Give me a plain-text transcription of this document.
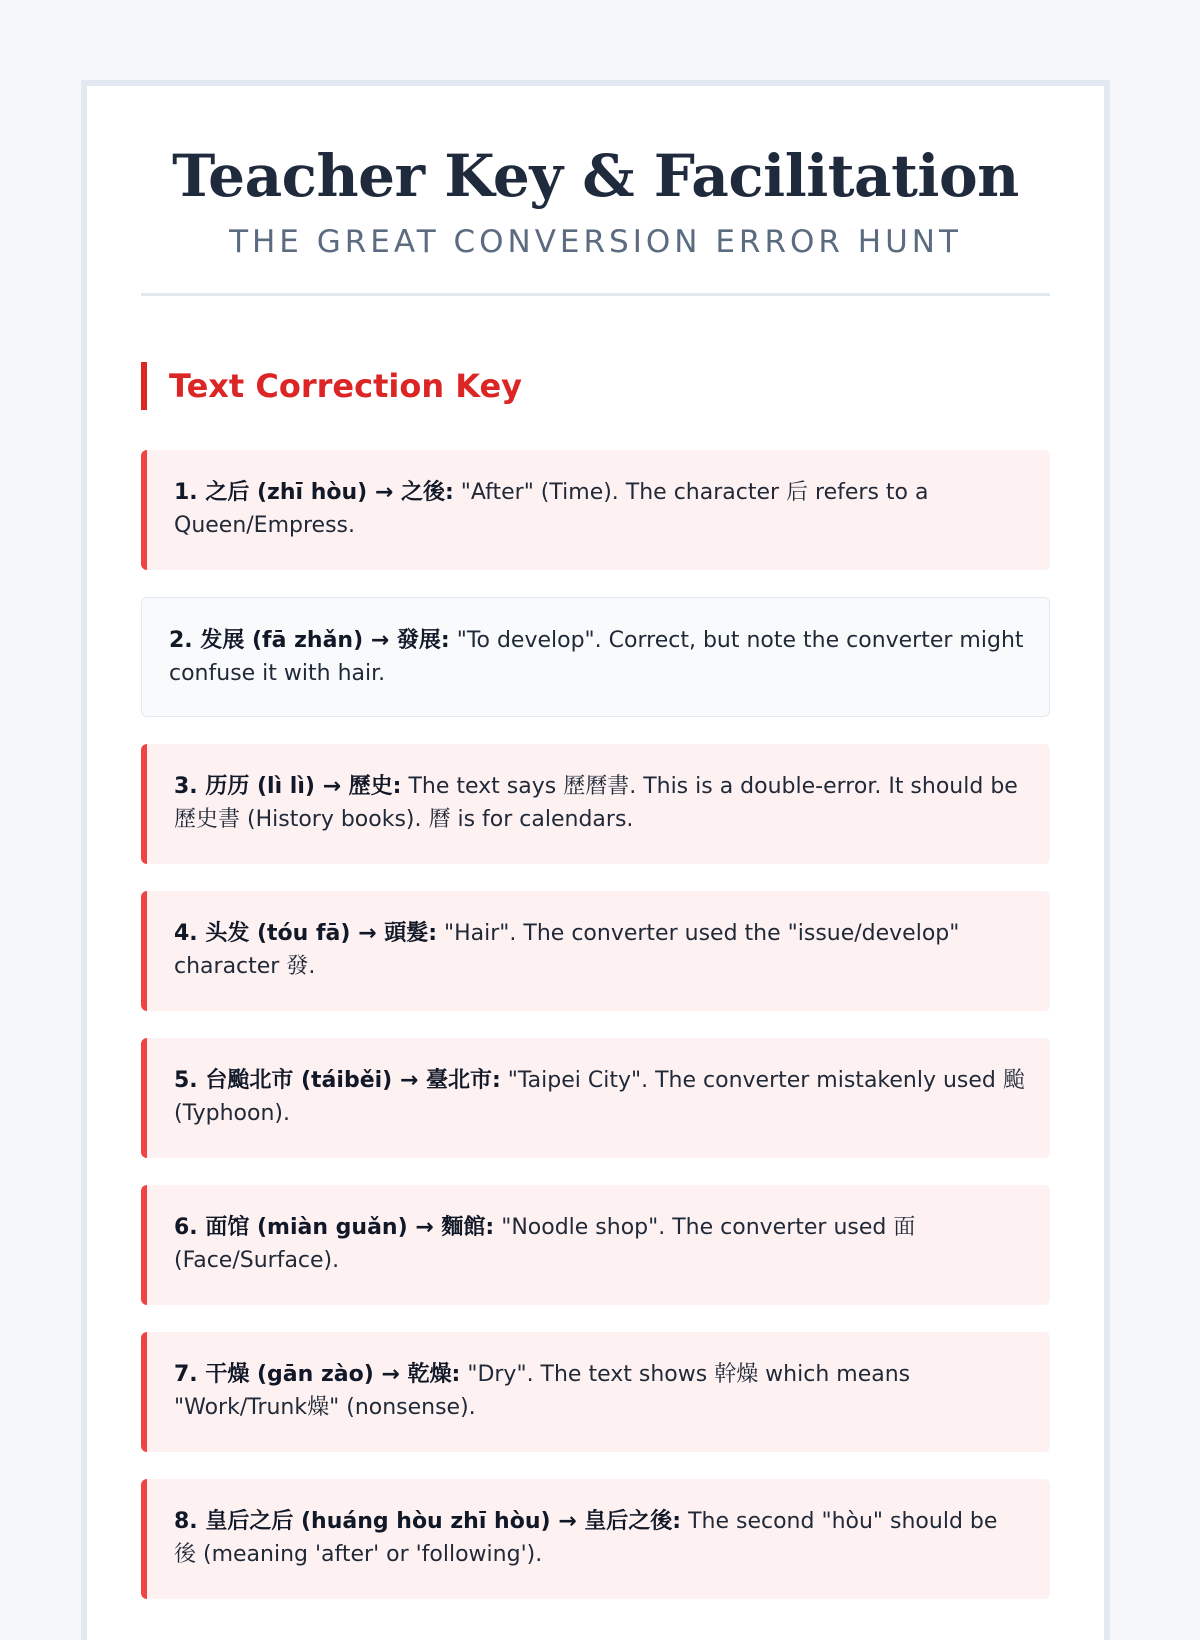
Teacher Key & Facilitation
THE GREAT CONVERSION ERROR HUNT
Text Correction Key
1. 之后 (zhī hòu) → 之後: "After" (Time). The character 后 refers to a Queen/Empress.
2. 发展 (fā zhǎn) → 發展: "To develop". Correct, but note the converter might confuse it with hair.
3. 历历 (lì lì) → 歷史: The text says 歷曆書. This is a double-error. It should be 歷史書 (History books). 曆 is for calendars.
4. 头发 (tóu fā) → 頭髮: "Hair". The converter used the "issue/develop" character 發.
5. 台颱北市 (táiběi) → 臺北市: "Taipei City". The converter mistakenly used 颱 (Typhoon).
6. 面馆 (miàn guǎn) → 麵館: "Noodle shop". The converter used 面 (Face/Surface).
7. 干燥 (gān zào) → 乾燥: "Dry". The text shows 幹燥 which means "Work/Trunk燥" (nonsense).
8. 皇后之后 (huáng hòu zhī hòu) → 皇后之後: The second "hòu" should be 後 (meaning 'after' or 'following').
